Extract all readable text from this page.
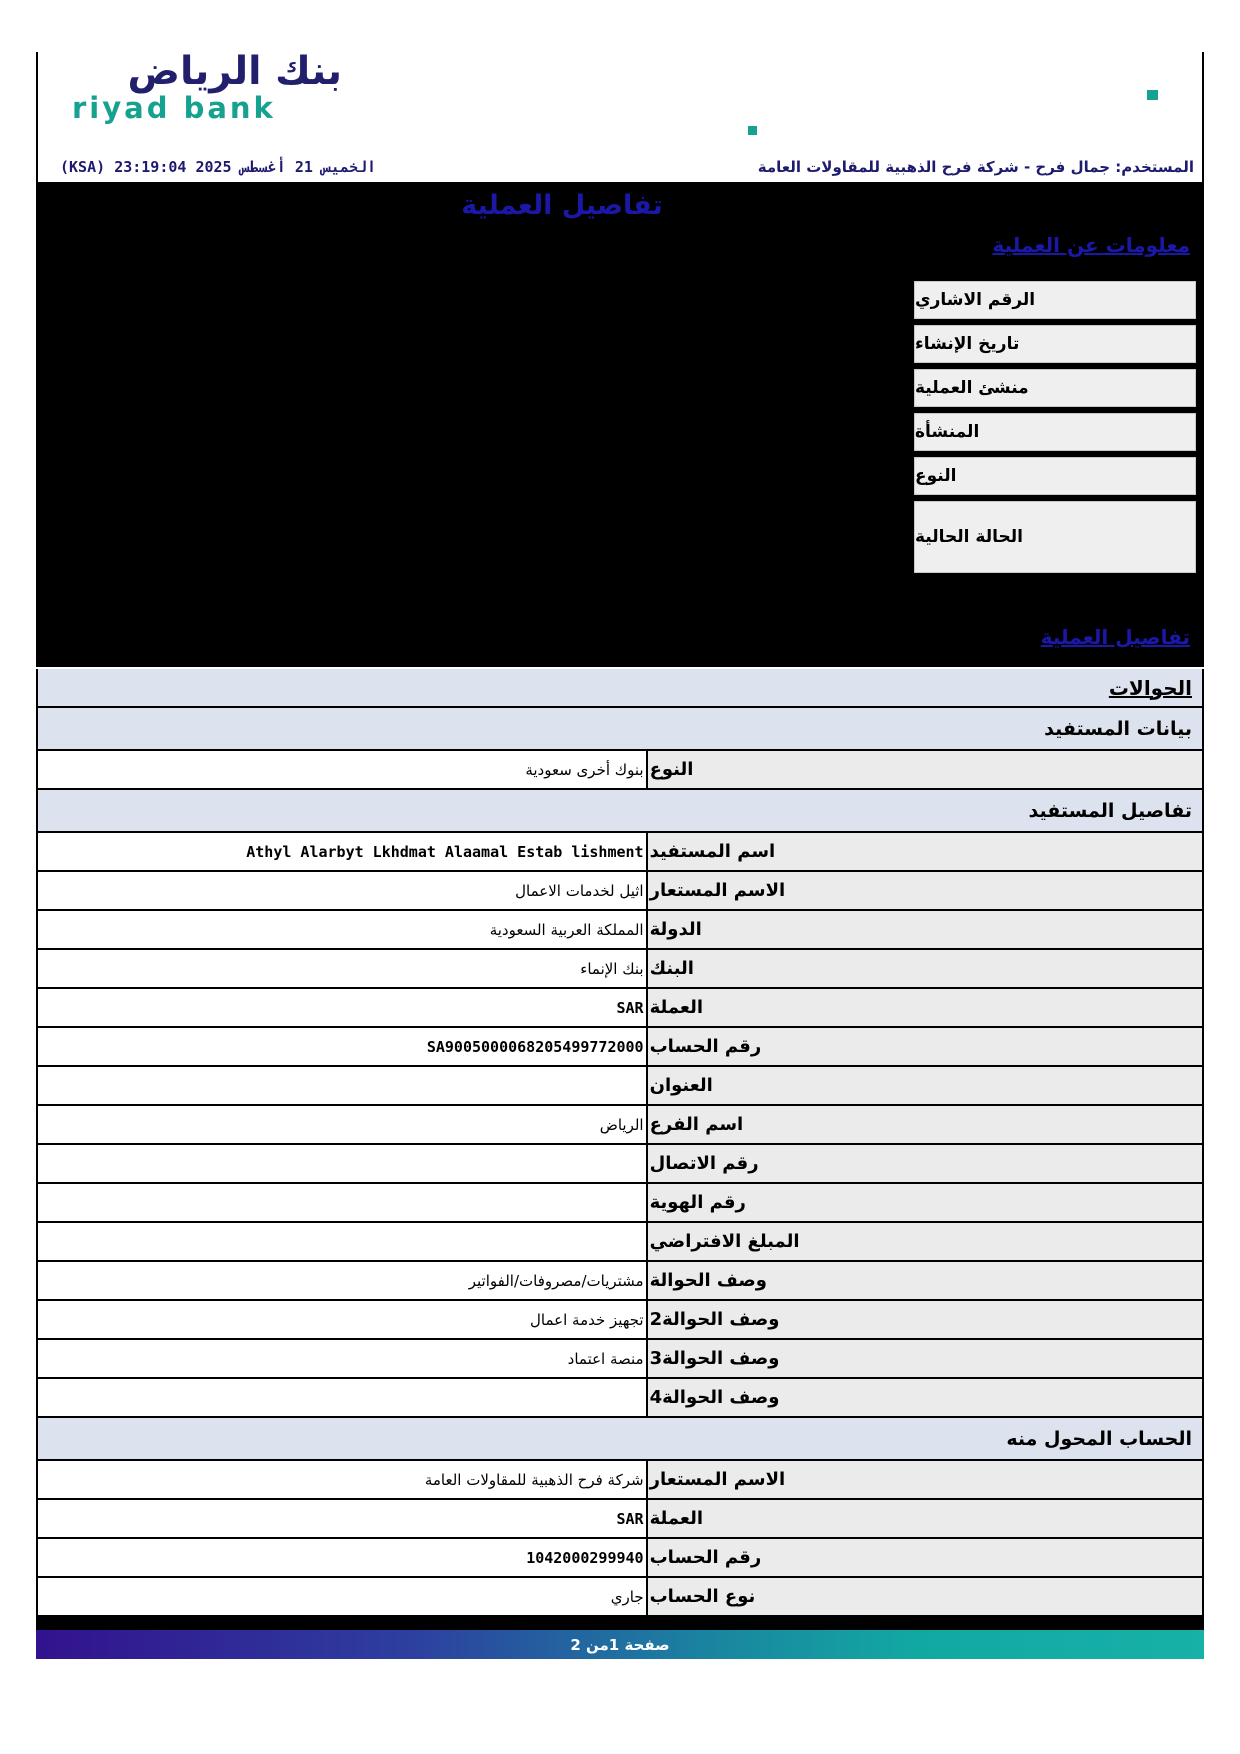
بنك الرياض
riyad bank
الخميس 21 أغسطس 2025 23:19:04 (KSA)	المستخدم: جمال فرح - شركة فرح الذهبية للمقاولات العامة
تفاصيل العملية
معلومات عن العملية
الرقم الاشاري
تاريخ الإنشاء
منشئ العملية
المنشأة
النوع
الحالة الحالية
تفاصيل العملية
الحوالات
بيانات المستفيد
بنوك أخرى سعودية النوع
تفاصيل المستفيد
Athyl Alarbyt Lkhdmat Alaamal Estab lishment اسم المستفيد
اثيل لخدمات الاعمال الاسم المستعار
المملكة العربية السعودية الدولة
بنك الإنماء البنك
SAR العملة
SA9005000068205499772000 رقم الحساب
العنوان
الرياض اسم الفرع
رقم الاتصال
رقم الهوية
المبلغ الافتراضي
مشتريات/مصروفات/الفواتير وصف الحوالة
تجهيز خدمة اعمال وصف الحوالة2
منصة اعتماد وصف الحوالة3
وصف الحوالة4
الحساب المحول منه
شركة فرح الذهبية للمقاولات العامة الاسم المستعار
SAR العملة
1042000299940 رقم الحساب
جاري نوع الحساب
صفحة 1من 2
